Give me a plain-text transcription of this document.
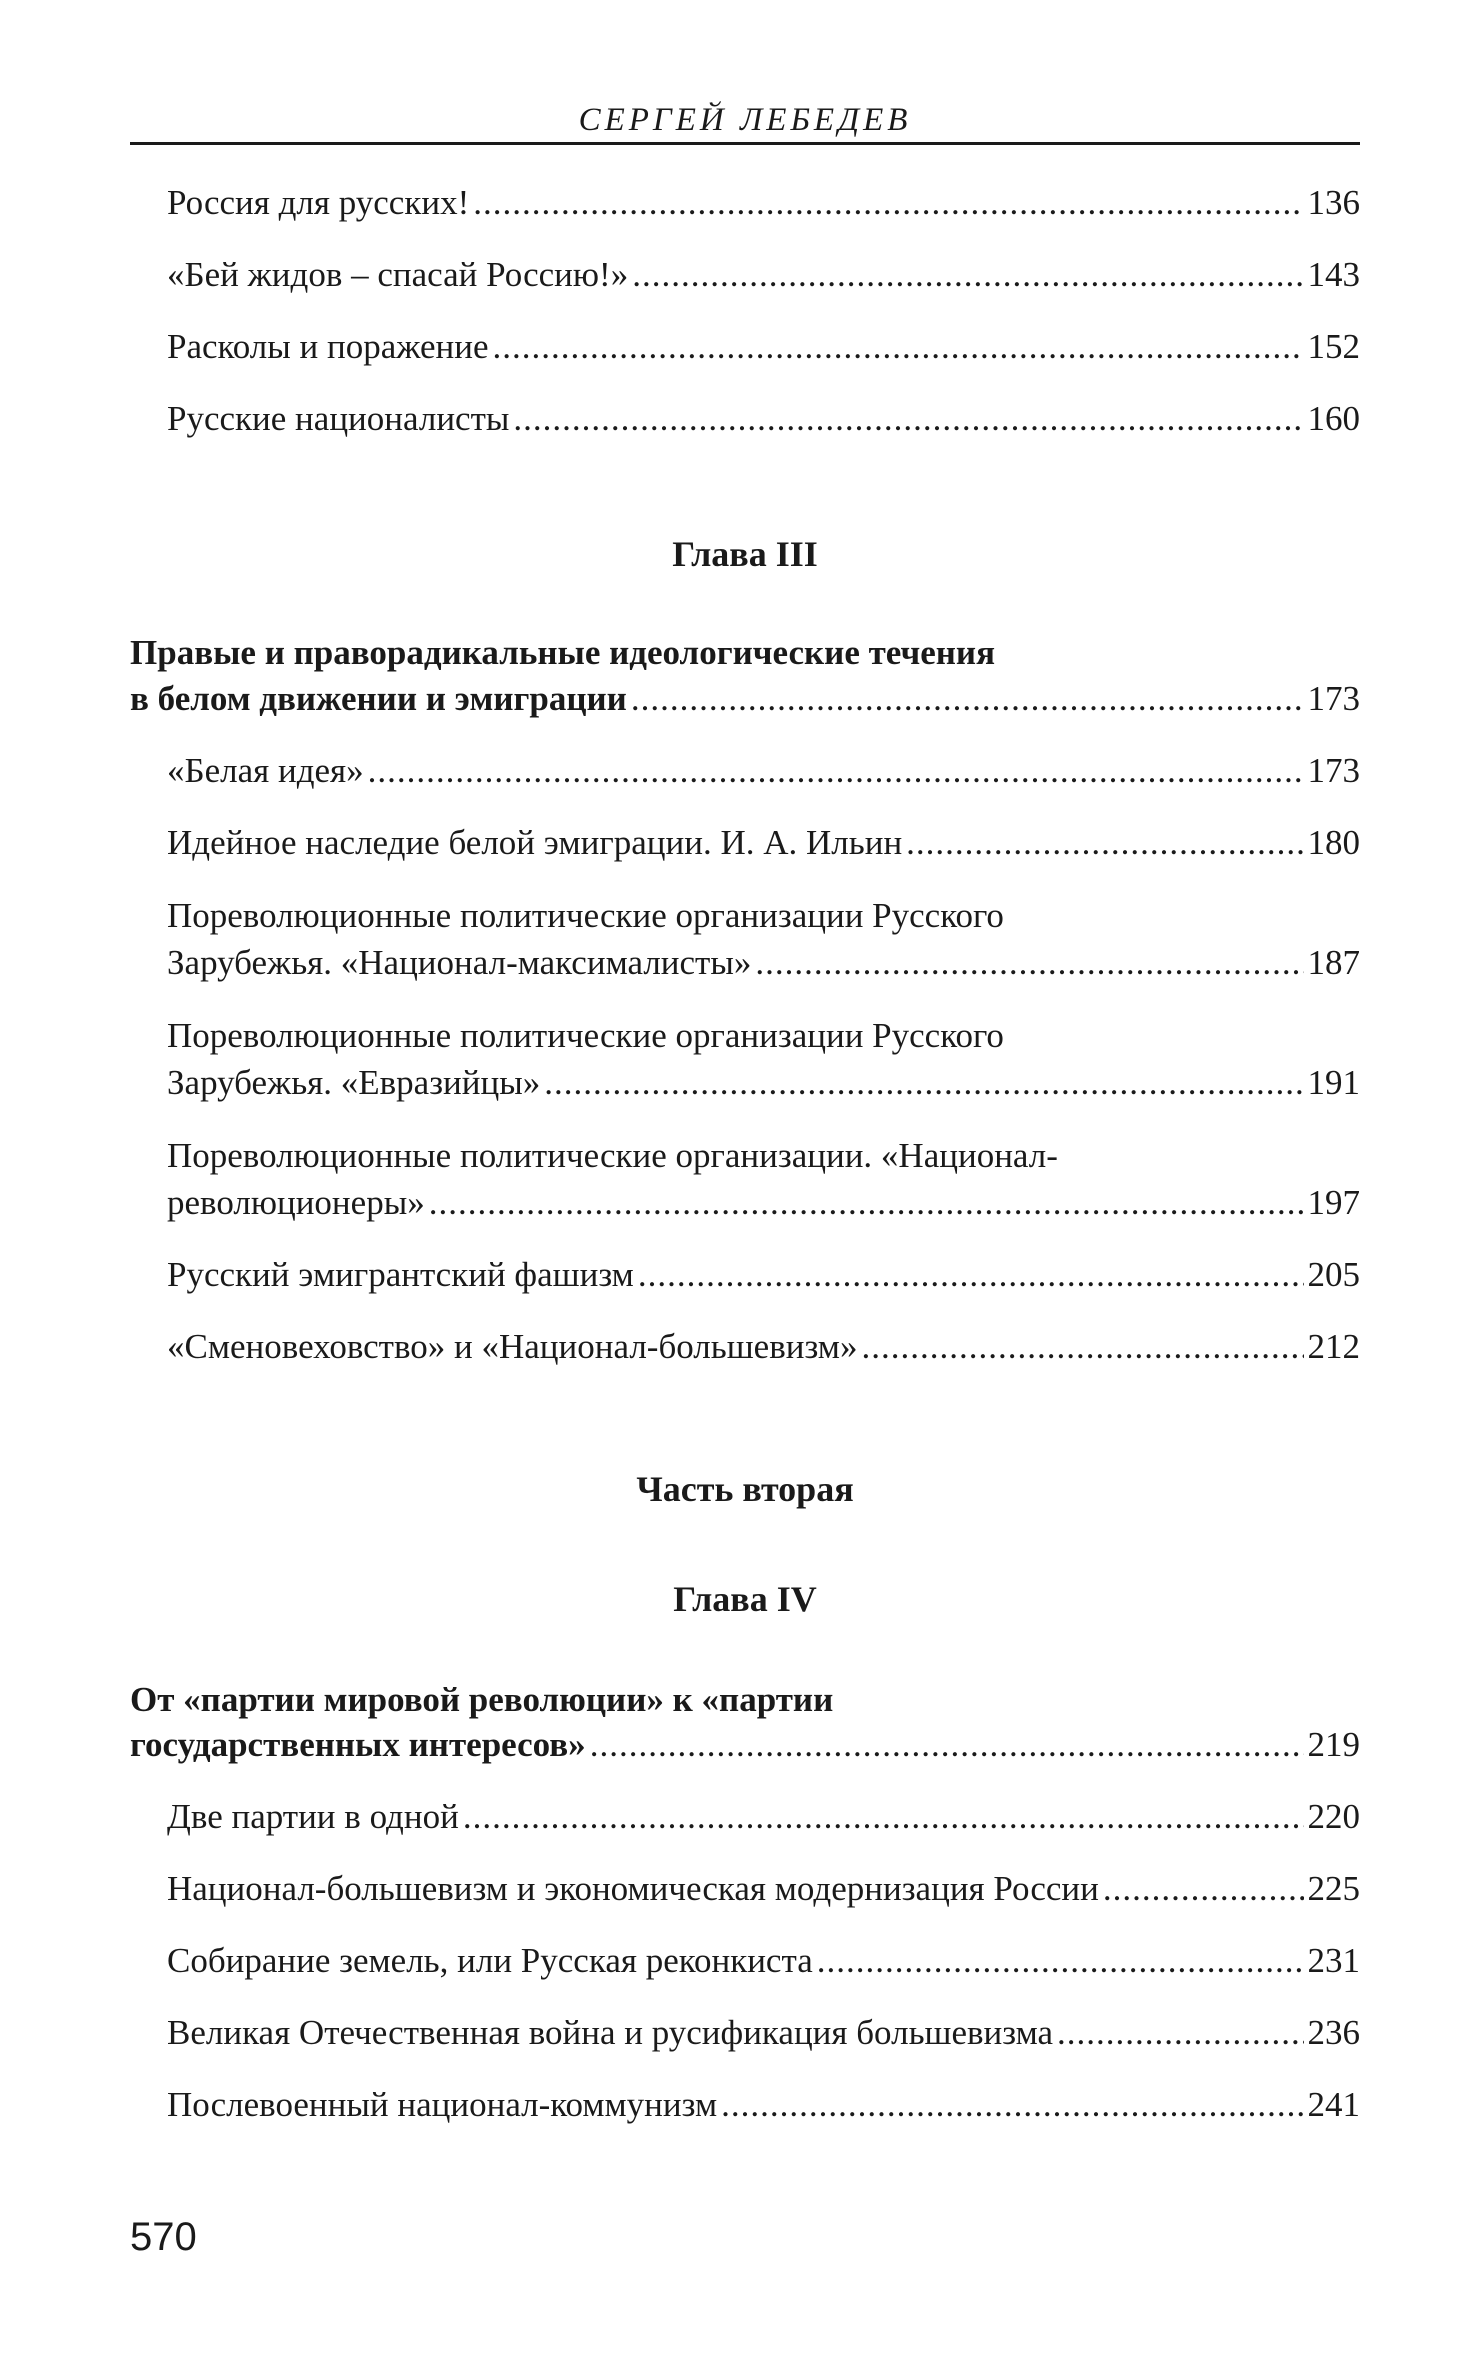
СЕРГЕЙ ЛЕБЕДЕВ
Россия для русских! .....	136
«Бей жидов – спасай Россию!» .....	143
Расколы и поражение .....	152
Русские националисты .....	160
Глава III
Правые и праворадикальные идеологические течения
в белом движении и эмиграции .....	173
«Белая идея» .....	173
Идейное наследие белой эмиграции. И. А. Ильин .....	180
Пореволюционные политические организации Русского
Зарубежья. «Национал-максималисты» .....	187
Пореволюционные политические организации Русского
Зарубежья. «Евразийцы» .....	191
Пореволюционные политические организации. «Национал-
революционеры» .....	197
Русский эмигрантский фашизм .....	205
«Сменовеховство» и «Национал-большевизм» .....	212
Часть вторая
Глава IV
От «партии мировой революции» к «партии
государственных интересов» .....	219
Две партии в одной .....	220
Национал-большевизм и экономическая модернизация России .....	225
Собирание земель, или Русская реконкиста .....	231
Великая Отечественная война и русификация большевизма .....	236
Послевоенный национал-коммунизм .....	241
570
